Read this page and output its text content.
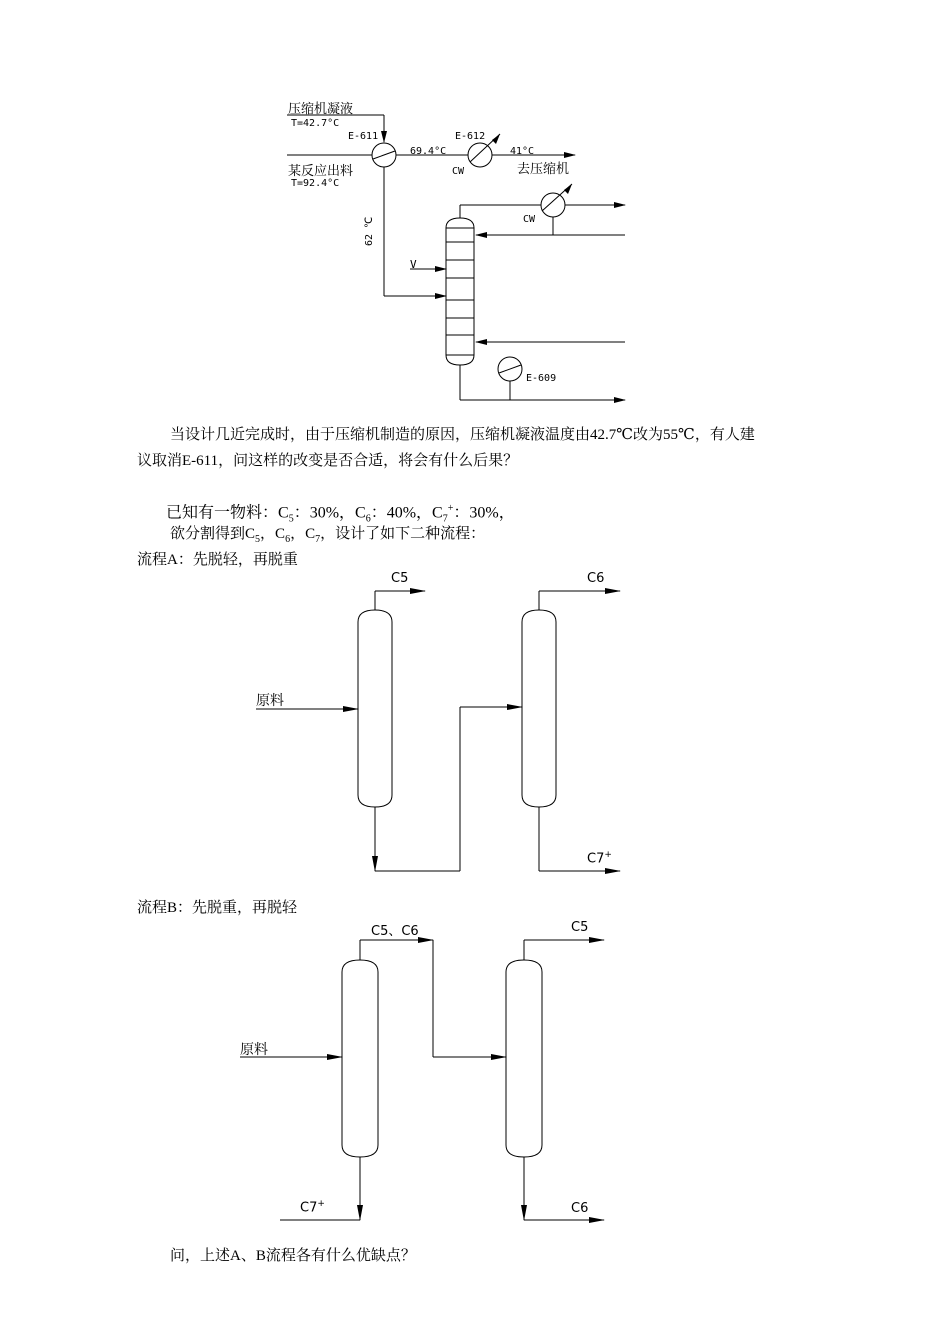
压缩机凝液
T=42.7°C
E-611	E-612
69.4°C	41°C
去压缩机
CW
某反应出料
T=92.4°C
CW
62 ℃
V
E-609
当设计几近完成时，由于压缩机制造的原因，压缩机凝液温度由42.7℃改为55℃，有人建
议取消E-611，问这样的改变是否合适，将会有什么后果？
已知有一物料：$C_5$：30%，$C_6$：40%，$C_7^+$：30%，
欲分割得到$C_5$，$C_6$，$C_7$，设计了如下二种流程：
流程A：先脱轻，再脱重
原料
C5	C6
C7+
流程B：先脱重，再脱轻
原料
C5、C6	C5
C7+	C6
问，上述A、B流程各有什么优缺点？
